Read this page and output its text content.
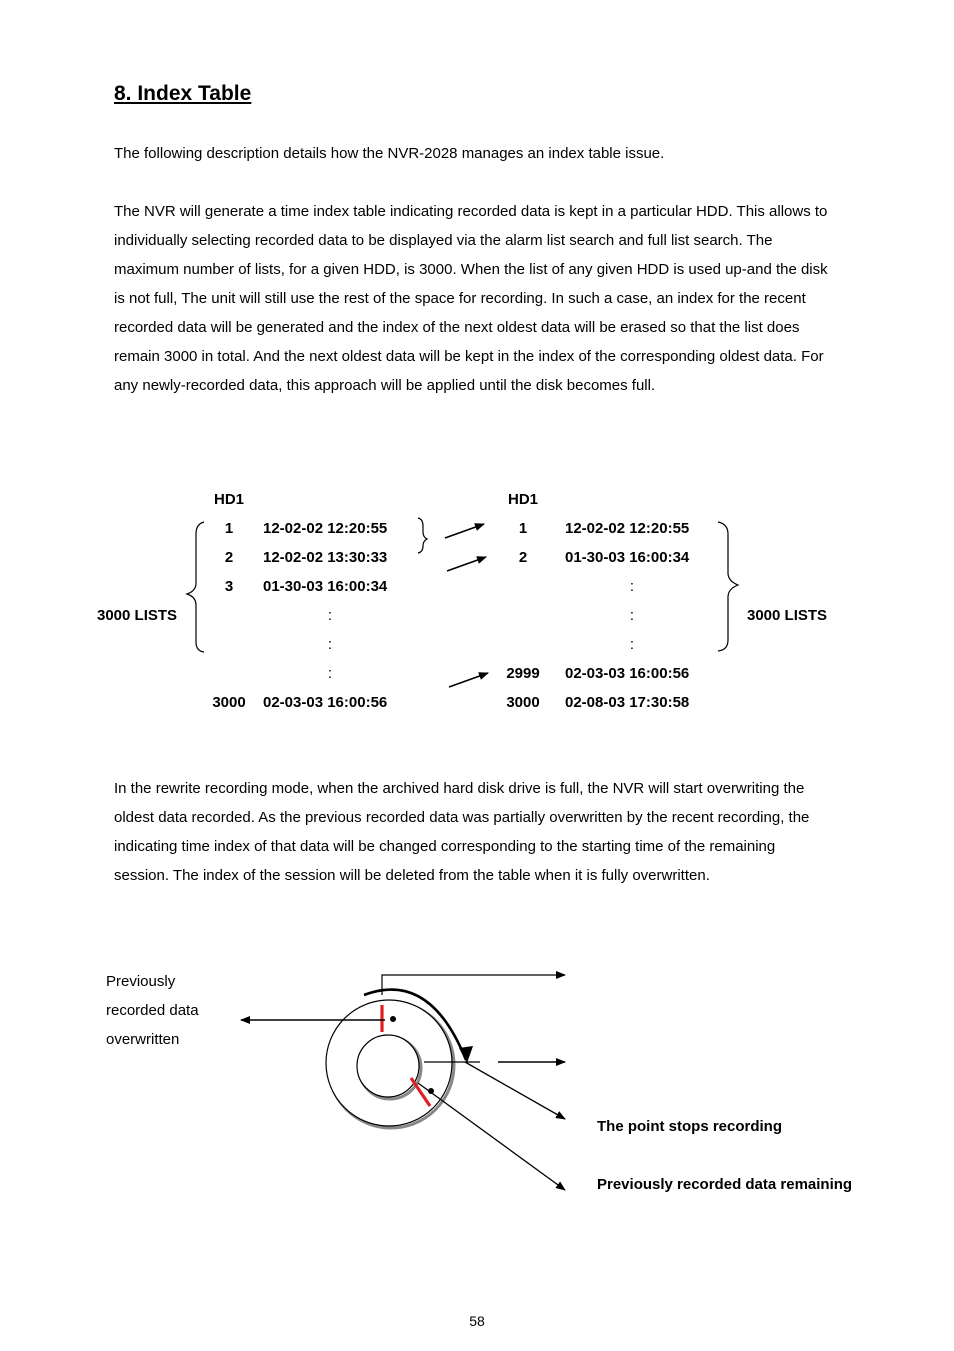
8. Index Table

The following description details how the NVR-2028 manages an index table issue.

The NVR will generate a time index table indicating recorded data is kept in a particular HDD. This allows to individually selecting recorded data to be displayed via the alarm list search and full list search. The maximum number of lists, for a given HDD, is 3000. When the list of any given HDD is used up-and the disk is not full, The unit will still use the rest of the space for recording. In such a case, an index for the recent recorded data will be generated and the index of the next oldest data will be erased so that the list does remain 3000 in total. And the next oldest data will be kept in the index of the corresponding oldest data. For any newly-recorded data, this approach will be applied until the disk becomes full.

HD1
1	12-02-02 12:20:55
2	12-02-02 13:30:33
3	01-30-03 16:00:34
:
:
:
3000 02-03-03 16:00:56
3000 LISTS
HD1
1	12-02-02 12:20:55
2	01-30-03 16:00:34
:
:
:
2999 02-03-03 16:00:56
3000 02-08-03 17:30:58
3000 LISTS

In the rewrite recording mode, when the archived hard disk drive is full, the NVR will start overwriting the oldest data recorded. As the previous recorded data was partially overwritten by the recent recording, the indicating time index of that data will be changed corresponding to the starting time of the remaining session. The index of the session will be deleted from the table when it is fully overwritten.

Previously
recorded data
overwritten
The point stops recording
Previously recorded data remaining
58
